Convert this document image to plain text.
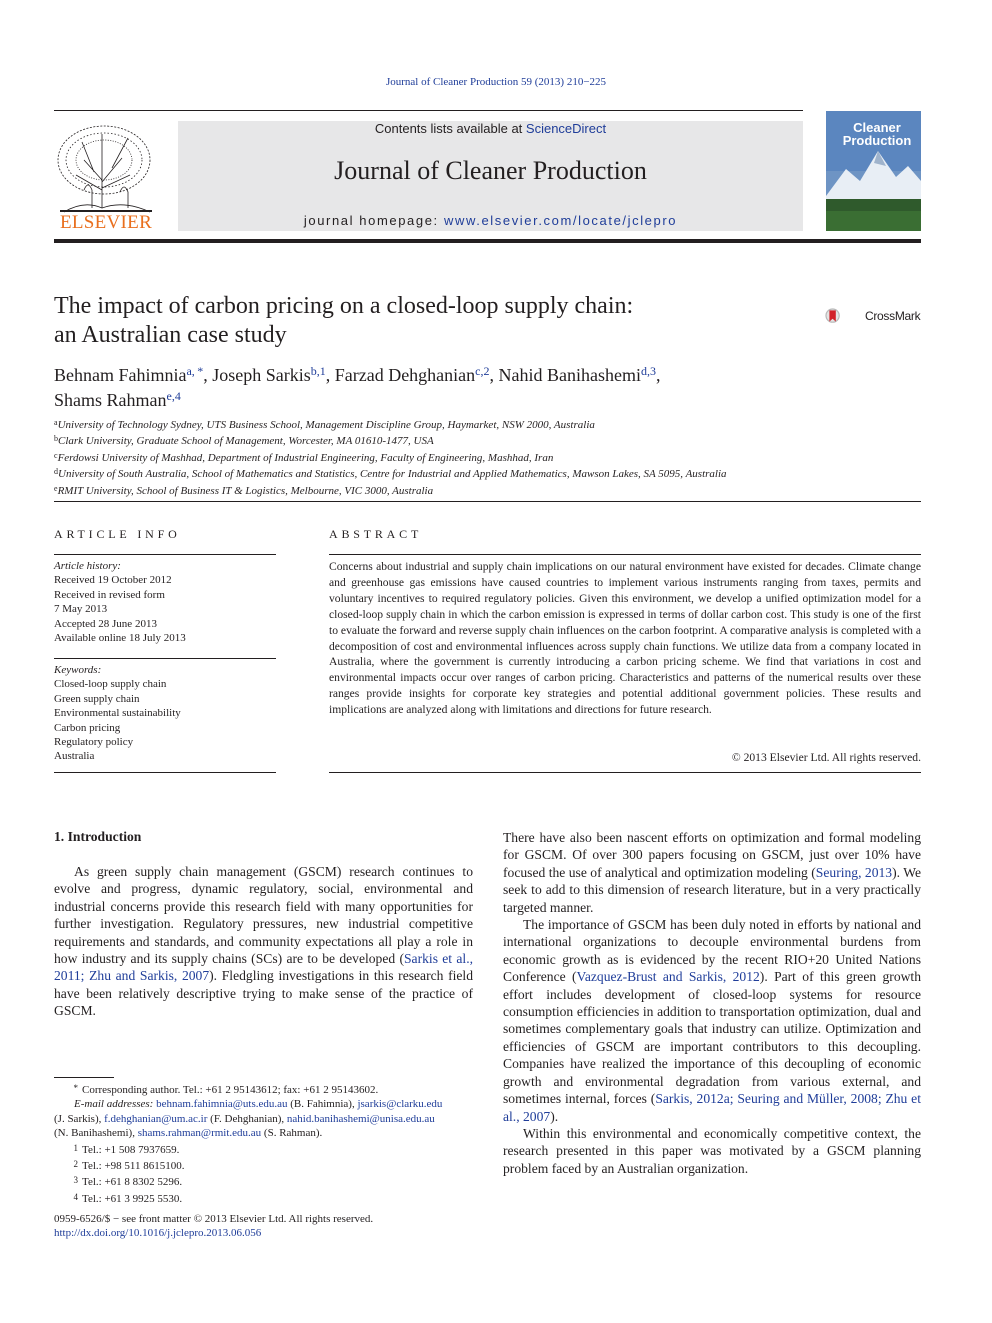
Journal of Cleaner Production 59 (2013) 210−225
ELSEVIER
Contents lists available at ScienceDirect
Journal of Cleaner Production
journal homepage: www.elsevier.com/locate/jclepro
Cleaner Production
The impact of carbon pricing on a closed-loop supply chain:
an Australian case study
CrossMark
Behnam Fahimnia$^{a, *}$, Joseph Sarkis$^{b,1}$, Farzad Dehghanian$^{c,2}$, Nahid Banihashemi$^{d,3}$,
Shams Rahman$^{e,4}$
$^a$University of Technology Sydney, UTS Business School, Management Discipline Group, Haymarket, NSW 2000, Australia
$^b$Clark University, Graduate School of Management, Worcester, MA 01610-1477, USA
$^c$Ferdowsi University of Mashhad, Department of Industrial Engineering, Faculty of Engineering, Mashhad, Iran
$^d$University of South Australia, School of Mathematics and Statistics, Centre for Industrial and Applied Mathematics, Mawson Lakes, SA 5095, Australia
$^e$RMIT University, School of Business IT & Logistics, Melbourne, VIC 3000, Australia
ARTICLE INFO	ABSTRACT
Article history:
Received 19 October 2012
Received in revised form
7 May 2013
Accepted 28 June 2013
Available online 18 July 2013
Keywords:
Closed-loop supply chain
Green supply chain
Environmental sustainability
Carbon pricing
Regulatory policy
Australia
Concerns about industrial and supply chain implications on our natural environment have existed for decades. Climate change and greenhouse gas emissions have caused countries to implement various instruments ranging from taxes, permits and voluntary incentives to required regulatory policies. Given this environment, we develop a unified optimization model for a closed-loop supply chain in which the carbon emission is expressed in terms of dollar carbon cost. This study is one of the first to evaluate the forward and reverse supply chain influences on the carbon footprint. A comparative analysis is completed with a decomposition of cost and environmental influences across supply chain functions. We utilize data from a company located in Australia, where the government is currently introducing a carbon pricing scheme. We find that variations in cost and environmental impacts occur over ranges of carbon pricing. Characteristics and patterns of the numerical results over these ranges provide insights for corporate key strategies and potential additional government policies. These results and implications are analyzed along with limitations and directions for future research.
© 2013 Elsevier Ltd. All rights reserved.
1. Introduction

As green supply chain management (GSCM) research continues to evolve and progress, dynamic regulatory, social, environmental and industrial concerns provide this research field with many opportunities for further investigation. Regulatory pressures, new industrial competitive requirements and standards, and community expectations all play a role in how industry and its supply chains (SCs) are to be developed (Sarkis et al., 2011; Zhu and Sarkis, 2007). Fledgling investigations in this research field have been relatively descriptive trying to make sense of the practice of GSCM.

There have also been nascent efforts on optimization and formal modeling for GSCM. Of over 300 papers focusing on GSCM, just over 10% have focused the use of analytical and optimization modeling (Seuring, 2013). We seek to add to this dimension of research literature, but in a very practically targeted manner.

The importance of GSCM has been duly noted in efforts by national and international organizations to decouple environmental burdens from economic growth as is evidenced by the recent RIO+20 United Nations Conference (Vazquez-Brust and Sarkis, 2012). Part of this green growth effort includes development of closed-loop systems for resource consumption efficiencies in addition to transportation optimization, dual and sometimes complementary goals that industry can utilize. Optimization and efficiencies of GSCM are important contributors to this decoupling. Companies have realized the importance of this decoupling of economic growth and environmental degradation from various external, and sometimes internal, forces (Sarkis, 2012a; Seuring and Müller, 2008; Zhu et al., 2007).

Within this environmental and economically competitive context, the research presented in this paper was motivated by a GSCM planning problem faced by an Australian organization.

* Corresponding author. Tel.: +61 2 95143612; fax: +61 2 95143602.
E-mail addresses: behnam.fahimnia@uts.edu.au (B. Fahimnia), jsarkis@clarku.edu
(J. Sarkis), f.dehghanian@um.ac.ir (F. Dehghanian), nahid.banihashemi@unisa.edu.au
(N. Banihashemi), shams.rahman@rmit.edu.au (S. Rahman).
1 Tel.: +1 508 7937659.
2 Tel.: +98 511 8615100.
3 Tel.: +61 8 8302 5296.
4 Tel.: +61 3 9925 5530.
0959-6526/$ − see front matter © 2013 Elsevier Ltd. All rights reserved.
http://dx.doi.org/10.1016/j.jclepro.2013.06.056
